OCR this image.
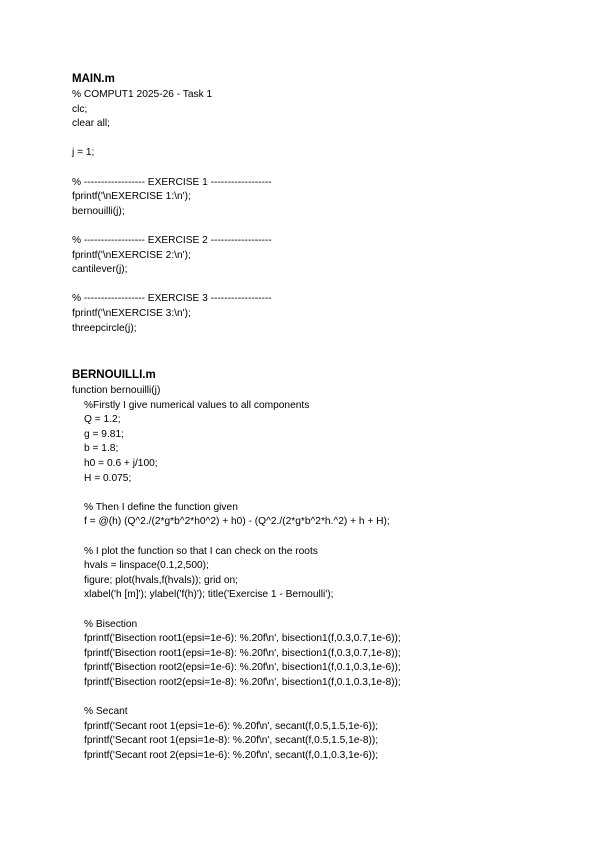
MAIN.m
% COMPUT1 2025-26 - Task 1
clc;
clear all;
j = 1;
% ------------------ EXERCISE 1 ------------------
fprintf('\nEXERCISE 1:\n');
bernouilli(j);
% ------------------ EXERCISE 2 ------------------
fprintf('\nEXERCISE 2:\n');
cantilever(j);
% ------------------ EXERCISE 3 ------------------
fprintf('\nEXERCISE 3:\n');
threepcircle(j);
BERNOUILLI.m
function bernouilli(j)
%Firstly I give numerical values to all components
Q = 1.2;
g = 9.81;
b = 1.8;
h0 = 0.6 + j/100;
H = 0.075;
% Then I define the function given
f = @(h) (Q^2./(2*g*b^2*h0^2) + h0) - (Q^2./(2*g*b^2*h.^2) + h + H);
% I plot the function so that I can check on the roots
hvals = linspace(0.1,2,500);
figure; plot(hvals,f(hvals)); grid on;
xlabel('h [m]'); ylabel('f(h)'); title('Exercise 1 - Bernoulli');
% Bisection
fprintf('Bisection root1(epsi=1e-6): %.20f\n', bisection1(f,0.3,0.7,1e-6));
fprintf('Bisection root1(epsi=1e-8): %.20f\n', bisection1(f,0.3,0.7,1e-8));
fprintf('Bisection root2(epsi=1e-6): %.20f\n', bisection1(f,0.1,0.3,1e-6));
fprintf('Bisection root2(epsi=1e-8): %.20f\n', bisection1(f,0.1,0.3,1e-8));
% Secant
fprintf('Secant root 1(epsi=1e-6): %.20f\n', secant(f,0.5,1.5,1e-6));
fprintf('Secant root 1(epsi=1e-8): %.20f\n', secant(f,0.5,1.5,1e-8));
fprintf('Secant root 2(epsi=1e-6): %.20f\n', secant(f,0.1,0.3,1e-6));
